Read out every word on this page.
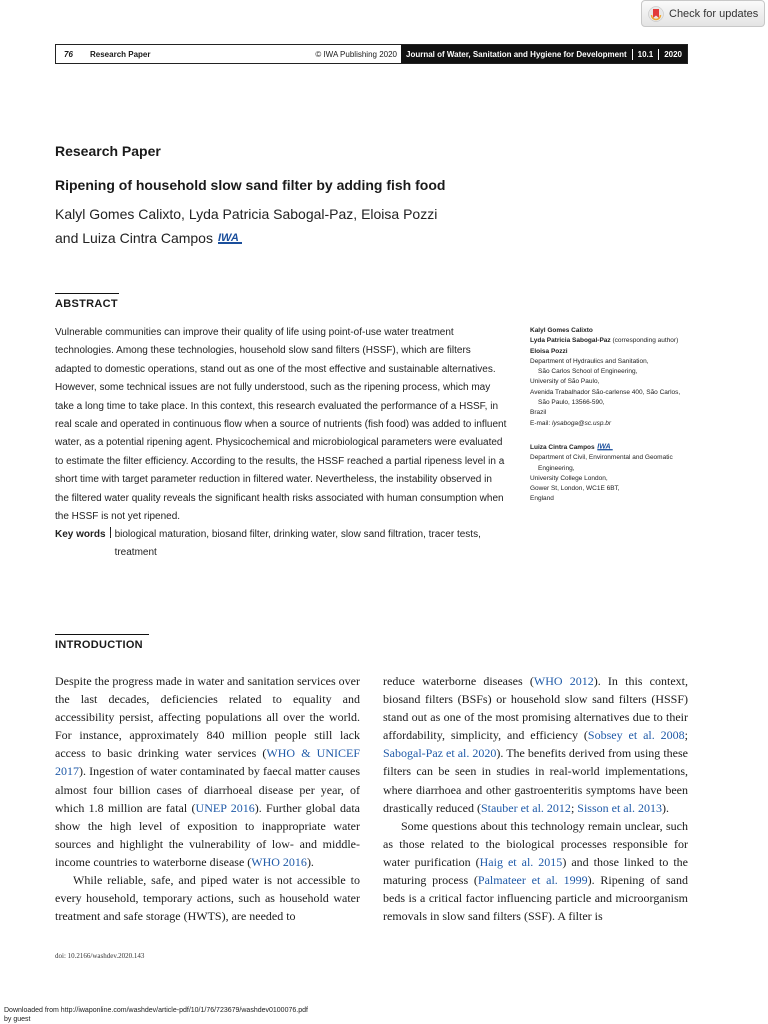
Check for updates
76	Research Paper	© IWA Publishing 2020	Journal of Water, Sanitation and Hygiene for Development 10.1 2020
Research Paper
Ripening of household slow sand filter by adding fish food
Kalyl Gomes Calixto, Lyda Patricia Sabogal-Paz, Eloisa Pozzi
and Luiza Cintra Campos IWA
ABSTRACT
Vulnerable communities can improve their quality of life using point-of-use water treatment technologies. Among these technologies, household slow sand filters (HSSF), which are filters adapted to domestic operations, stand out as one of the most effective and sustainable alternatives. However, some technical issues are not fully understood, such as the ripening process, which may take a long time to take place. In this context, this research evaluated the performance of a HSSF, in real scale and operated in continuous flow when a source of nutrients (fish food) was added to influent water, as a potential ripening agent. Physicochemical and microbiological parameters were evaluated to estimate the filter efficiency. According to the results, the HSSF reached a partial ripeness level in a short time with target parameter reduction in filtered water. Nevertheless, the instability observed in the filtered water quality reveals the significant health risks associated with human consumption when the HSSF is not yet ripened.
Key words biological maturation, biosand filter, drinking water, slow sand filtration, tracer tests, treatment
Kalyl Gomes Calixto
Lyda Patricia Sabogal-Paz (corresponding author)
Eloisa Pozzi
Department of Hydraulics and Sanitation,
São Carlos School of Engineering,
University of São Paulo,
Avenida Trabalhador São-carlense 400, São Carlos,
São Paulo, 13566-590,
Brazil
E-mail: lysaboga@sc.usp.br
Luiza Cintra Campos IWA
Department of Civil, Environmental and Geomatic
Engineering,
University College London,
Gower St, London, WC1E 6BT,
England
INTRODUCTION

Despite the progress made in water and sanitation services over the last decades, deficiencies related to equality and accessibility persist, affecting populations all over the world. For instance, approximately 840 million people still lack access to basic drinking water services (WHO & UNICEF 2017). Ingestion of water contaminated by faecal matter causes almost four billion cases of diarrhoeal disease per year, of which 1.8 million are fatal (UNEP 2016). Further global data show the high level of exposition to inappropriate water sources and highlight the vulnerability of low- and middle-income countries to waterborne disease (WHO 2016).

While reliable, safe, and piped water is not accessible to every household, temporary actions, such as household water treatment and safe storage (HWTS), are needed to

reduce waterborne diseases (WHO 2012). In this context, biosand filters (BSFs) or household slow sand filters (HSSF) stand out as one of the most promising alternatives due to their affordability, simplicity, and efficiency (Sobsey et al. 2008; Sabogal-Paz et al. 2020). The benefits derived from using these filters can be seen in studies in real-world implementations, where diarrhoea and other gastroenteritis symptoms have been drastically reduced (Stauber et al. 2012; Sisson et al. 2013).

Some questions about this technology remain unclear, such as those related to the biological processes responsible for water purification (Haig et al. 2015) and those linked to the maturing process (Palmateer et al. 1999). Ripening of sand beds is a critical factor influencing particle and microorganism removals in slow sand filters (SSF). A filter is

doi: 10.2166/washdev.2020.143
Downloaded from http://iwaponline.com/washdev/article-pdf/10/1/76/723679/washdev0100076.pdf
by guest
